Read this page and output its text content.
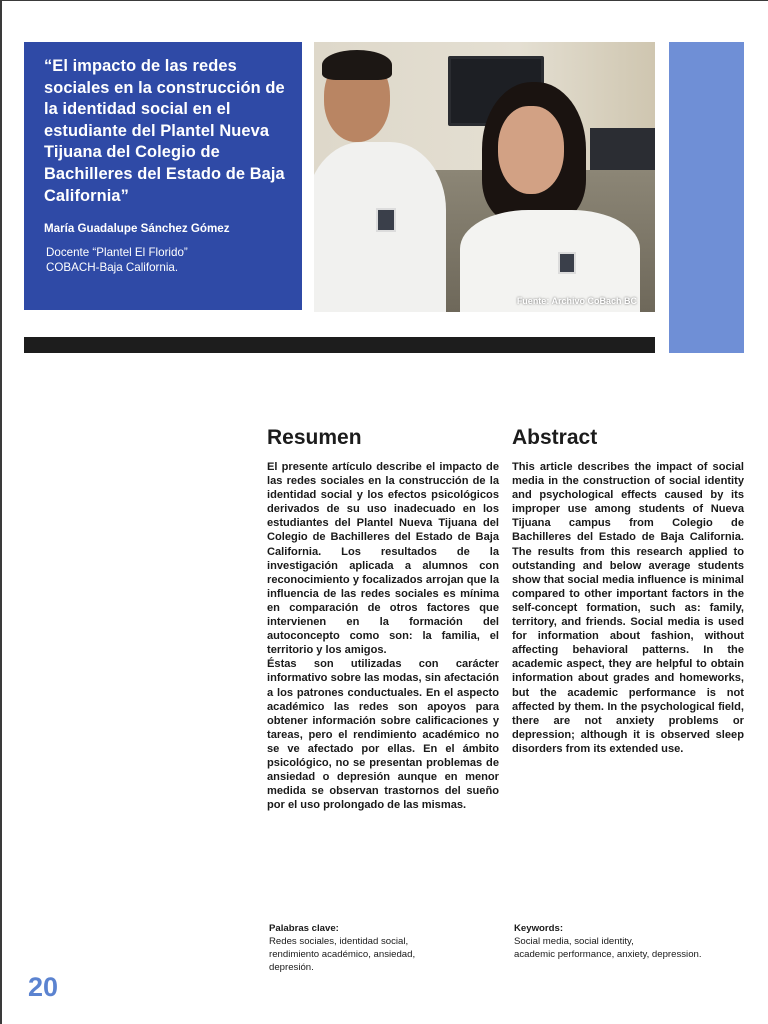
“El impacto de las redes sociales en la construcción de la identidad social en el estudiante del Plantel Nueva Tijuana del Colegio de Bachilleres del Estado de Baja California”
María Guadalupe Sánchez Gómez
Docente “Plantel El Florido”
COBACH-Baja California.
Fuente: Archivo CoBach BC
Resumen

El presente artículo describe el impacto de las redes sociales en la construcción de la identidad social y los efectos psicológicos derivados de su uso inadecuado en los estudiantes del Plantel Nueva Tijuana del Colegio de Bachilleres del Estado de Baja California. Los resultados de la investigación aplicada a alumnos con reconocimiento y focalizados arrojan que la influencia de las redes sociales es mínima en comparación de otros factores que intervienen en la formación del autoconcepto como son: la familia, el territorio y los amigos.

Éstas son utilizadas con carácter informativo sobre las modas, sin afectación a los patrones conductuales. En el aspecto académico las redes son apoyos para obtener información sobre calificaciones y tareas, pero el rendimiento académico no se ve afectado por ellas. En el ámbito psicológico, no se presentan problemas de ansiedad o depresión aunque en menor medida se observan trastornos del sueño por el uso prolongado de las mismas.

Abstract

This article describes the impact of social media in the construction of social identity and psychological effects caused by its improper use among students of Nueva Tijuana campus from Colegio de Bachilleres del Estado de Baja California. The results from this research applied to outstanding and below average students show that social media influence is minimal compared to other important factors in the self-concept formation, such as: family, territory, and friends. Social media is used for information about fashion, without affecting behavioral patterns. In the academic aspect, they are helpful to obtain information about grades and homeworks, but the academic performance is not affected by them. In the psychological field, there are not anxiety problems or depression; although it is observed sleep disorders from its extended use.

Palabras clave:
Redes sociales, identidad social,
rendimiento académico, ansiedad,
depresión.
Keywords:
Social media, social identity,
academic performance, anxiety, depression.
20
